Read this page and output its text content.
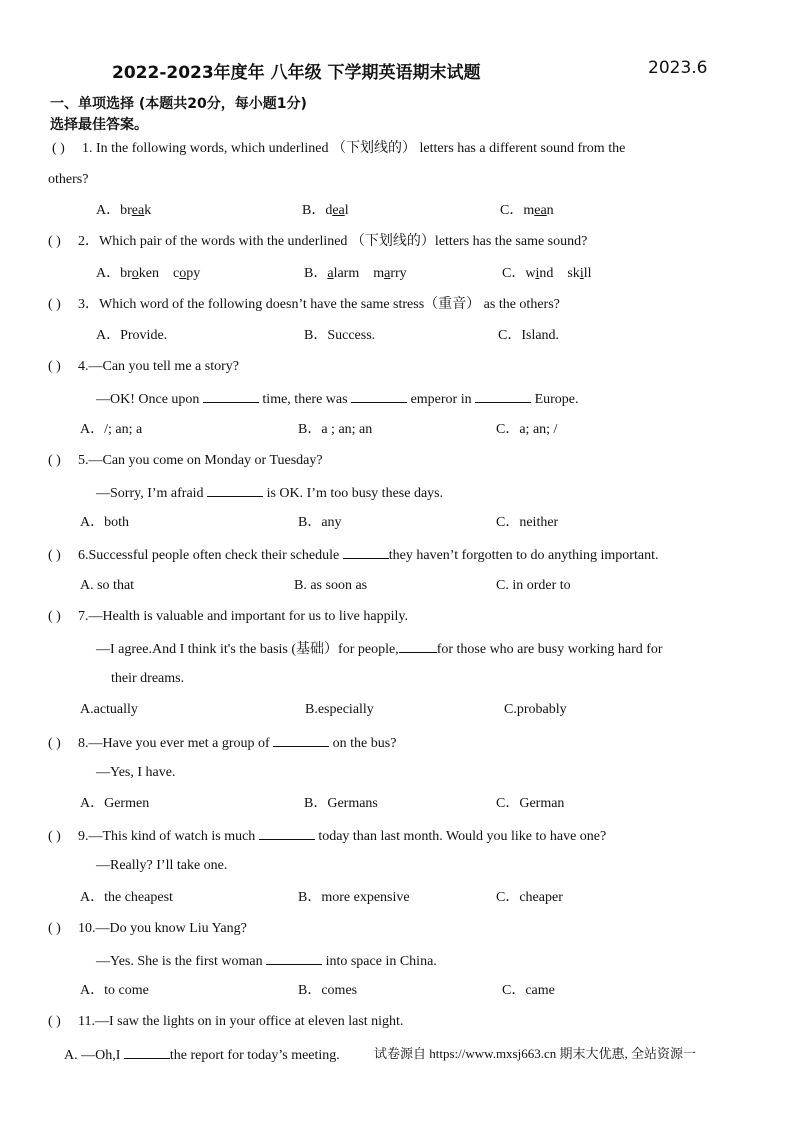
2022-2023年度年 八年级 下学期英语期末试题	2023.6
一、单项选择 (本题共20分，每小题1分)
选择最佳答案。
( ) 1. In the following words, which underlined （下划线的） letters has a different sound from the
others?
A．break	B．deal	C．mean
( ) 2．Which pair of the words with the underlined （下划线的）letters has the same sound?
A．broken copy	B．alarm marry	C．wind skill
( ) 3．Which word of the following doesn’t have the same stress（重音） as the others?
A．Provide.	B．Success.	C．Island.
( ) 4.—Can you tell me a story?
—OK! Once upon	time, there was	emperor in	Europe.
A．/; an; a	B．a ; an; an	C．a; an; /
( ) 5.—Can you come on Monday or Tuesday?
—Sorry, I’m afraid	is OK. I’m too busy these days.
A．both	B．any	C．neither
( ) 6.Successful people often check their schedule	they haven’t forgotten to do anything important.
A. so that	B. as soon as	C. in order to
( ) 7.—Health is valuable and important for us to live happily.
—I agree.And I think it's the basis (基础）for people,	for those who are busy working hard for
their dreams.
A.actually	B.especially	C.probably
( ) 8.—Have you ever met a group of	on the bus?
—Yes, I have.
A．Germen	B．Germans	C．German
( ) 9.—This kind of watch is much	today than last month. Would you like to have one?
—Really? I’ll take one.
A．the cheapest	B．more expensive	C．cheaper
( ) 10.—Do you know Liu Yang?
—Yes. She is the first woman	into space in China.
A．to come	B．comes	C．came
( ) 11.—I saw the lights on in your office at eleven last night.
A. —Oh,I	the report for today’s meeting.	试卷源自 https://www.mxsj663.cn 期末大优惠, 全站资源一
